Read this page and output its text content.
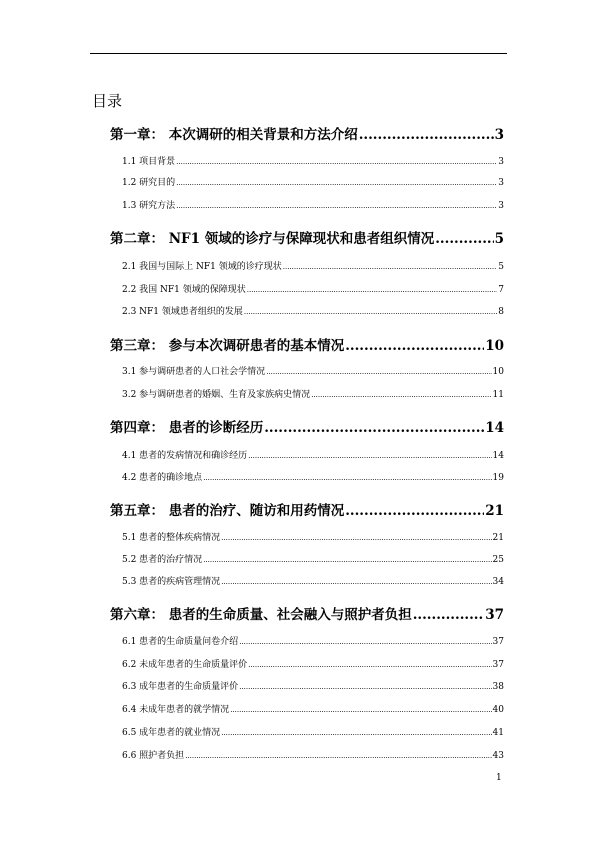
目录
第一章： 本次调研的相关背景和方法介绍 .....	3
1.1 项目背景 .....	3
1.2 研究目的 .....	3
1.3 研究方法 .....	3
第二章： NF1 领域的诊疗与保障现状和患者组织情况 .....	5
2.1 我国与国际上 NF1 领域的诊疗现状 .....	5
2.2 我国 NF1 领域的保障现状 .....	7
2.3 NF1 领域患者组织的发展 .....	8
第三章： 参与本次调研患者的基本情况 .....	10
3.1 参与调研患者的人口社会学情况 .....	10
3.2 参与调研患者的婚姻、生育及家族病史情况 .....	11
第四章： 患者的诊断经历 .....	14
4.1 患者的发病情况和确诊经历 .....	14
4.2 患者的确诊地点 .....	19
第五章： 患者的治疗、随访和用药情况 .....	21
5.1 患者的整体疾病情况 .....	21
5.2 患者的治疗情况 .....	25
5.3 患者的疾病管理情况 .....	34
第六章： 患者的生命质量、社会融入与照护者负担 .....	37
6.1 患者的生命质量问卷介绍 .....	37
6.2 未成年患者的生命质量评价 .....	37
6.3 成年患者的生命质量评价 .....	38
6.4 未成年患者的就学情况 .....	40
6.5 成年患者的就业情况 .....	41
6.6 照护者负担 .....	43
1
